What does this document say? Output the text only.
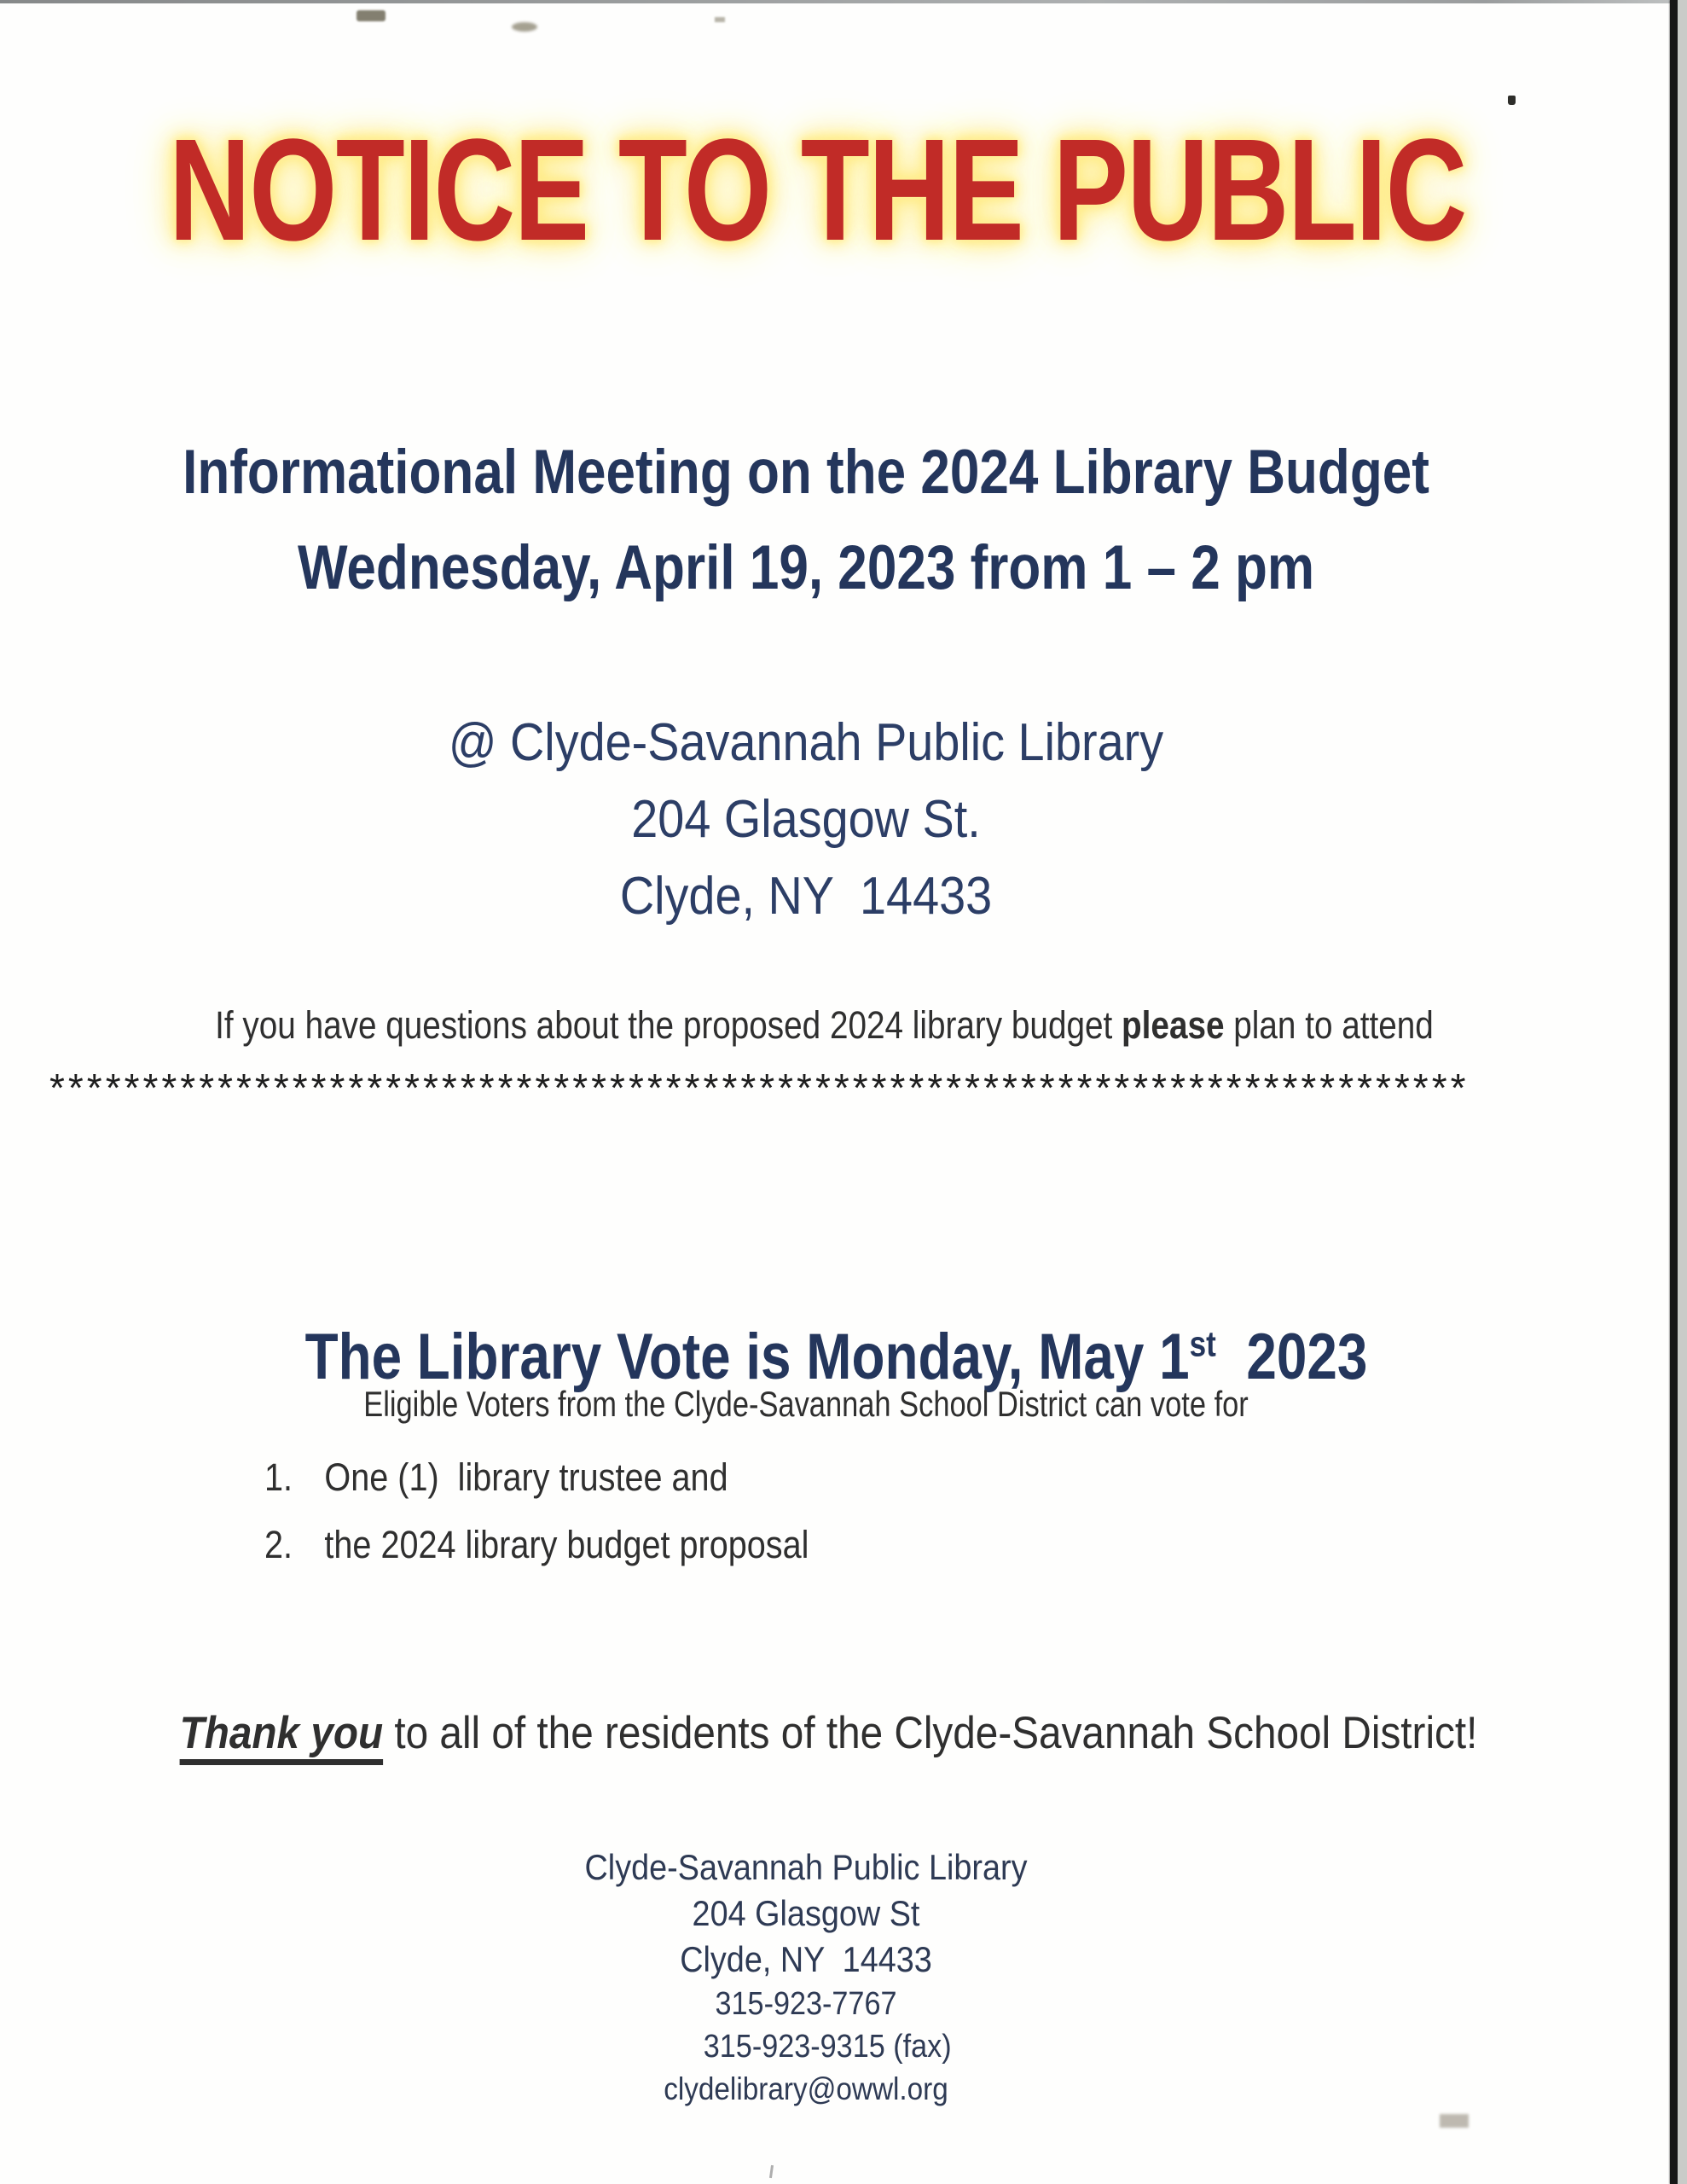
NOTICE TO THE PUBLIC
Informational Meeting on the 2024 Library Budget
Wednesday, April 19, 2023 from 1 – 2 pm
@ Clyde-Savannah Public Library
204 Glasgow St.
Clyde, NY  14433

If you have questions about the proposed 2024 library budget please plan to attend

****************************************************************************

The Library Vote is Monday, May 1st  2023

Eligible Voters from the Clyde-Savannah School District can vote for
1. One (1)  library trustee and
2. the 2024 library budget proposal

Thank you to all of the residents of the Clyde-Savannah School District!

Clyde-Savannah Public Library
204 Glasgow St
Clyde, NY  14433
315-923-7767
315-923-9315 (fax)
clydelibrary@owwl.org
